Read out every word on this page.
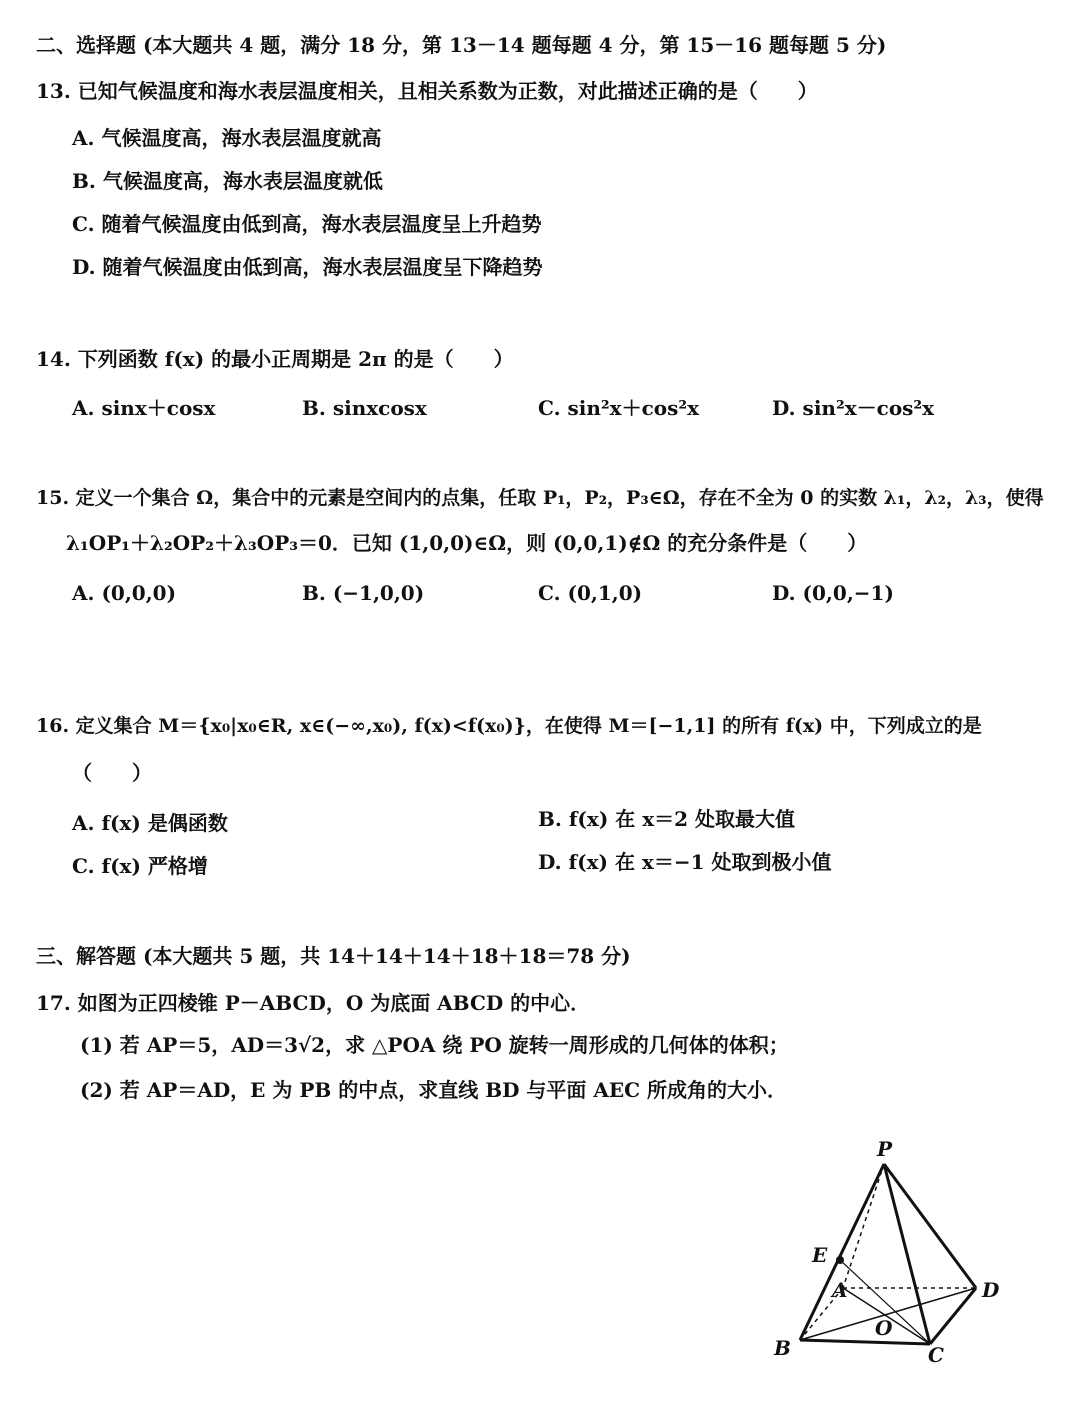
二、选择题 (本大题共 4 题，满分 18 分，第 13－14 题每题 4 分，第 15－16 题每题 5 分)
13. 已知气候温度和海水表层温度相关，且相关系数为正数，对此描述正确的是（　　）
A. 气候温度高，海水表层温度就高
B. 气候温度高，海水表层温度就低
C. 随着气候温度由低到高，海水表层温度呈上升趋势
D. 随着气候温度由低到高，海水表层温度呈下降趋势
14. 下列函数 f(x) 的最小正周期是 2π 的是（　　）
A. sinx＋cosx	B. sinxcosx	C. sin²x＋cos²x	D. sin²x－cos²x
15. 定义一个集合 Ω，集合中的元素是空间内的点集，任取 P₁，P₂，P₃∈Ω，存在不全为 0 的实数 λ₁，λ₂，λ₃，使得
λ₁OP₁＋λ₂OP₂＋λ₃OP₃＝0．已知 (1,0,0)∈Ω，则 (0,0,1)∉Ω 的充分条件是（　　）
A. (0,0,0)	B. (−1,0,0)	C. (0,1,0)	D. (0,0,−1)
16. 定义集合 M＝{x₀|x₀∈R, x∈(−∞,x₀), f(x)<f(x₀)}，在使得 M＝[−1,1] 的所有 f(x) 中，下列成立的是
（　　）
A. f(x) 是偶函数	B. f(x) 在 x＝2 处取最大值
C. f(x) 严格增	D. f(x) 在 x＝−1 处取到极小值
三、解答题 (本大题共 5 题，共 14＋14＋14＋18＋18＝78 分)
17. 如图为正四棱锥 P－ABCD，O 为底面 ABCD 的中心．
(1) 若 AP＝5，AD＝3√2，求 △POA 绕 PO 旋转一周形成的几何体的体积；
(2) 若 AP＝AD，E 为 PB 的中点，求直线 BD 与平面 AEC 所成角的大小．
P
E
A	D
O
B	C
